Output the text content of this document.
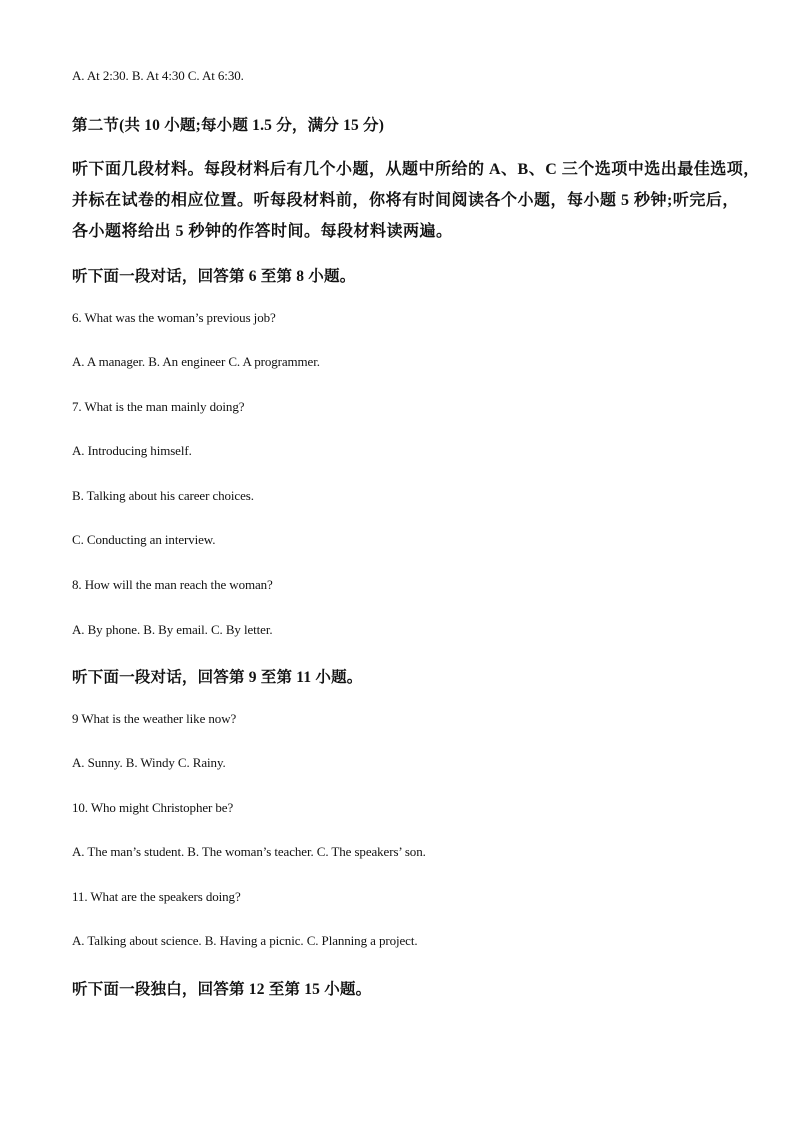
A. At 2:30. B. At 4:30 C. At 6:30.
第二节(共 10 小题;每小题 1.5 分，满分 15 分)
听下面几段材料。每段材料后有几个小题，从题中所给的 A、B、C 三个选项中选出最佳选项，
并标在试卷的相应位置。听每段材料前，你将有时间阅读各个小题，每小题 5 秒钟;听完后，
各小题将给出 5 秒钟的作答时间。每段材料读两遍。
听下面一段对话，回答第 6 至第 8 小题。
6. What was the woman’s previous job?
A. A manager. B. An engineer C. A programmer.
7. What is the man mainly doing?
A. Introducing himself.
B. Talking about his career choices.
C. Conducting an interview.
8. How will the man reach the woman?
A. By phone. B. By email. C. By letter.
听下面一段对话，回答第 9 至第 11 小题。
9 What is the weather like now?
A. Sunny. B. Windy C. Rainy.
10. Who might Christopher be?
A. The man’s student. B. The woman’s teacher. C. The speakers’ son.
11. What are the speakers doing?
A. Talking about science. B. Having a picnic. C. Planning a project.
听下面一段独白，回答第 12 至第 15 小题。
